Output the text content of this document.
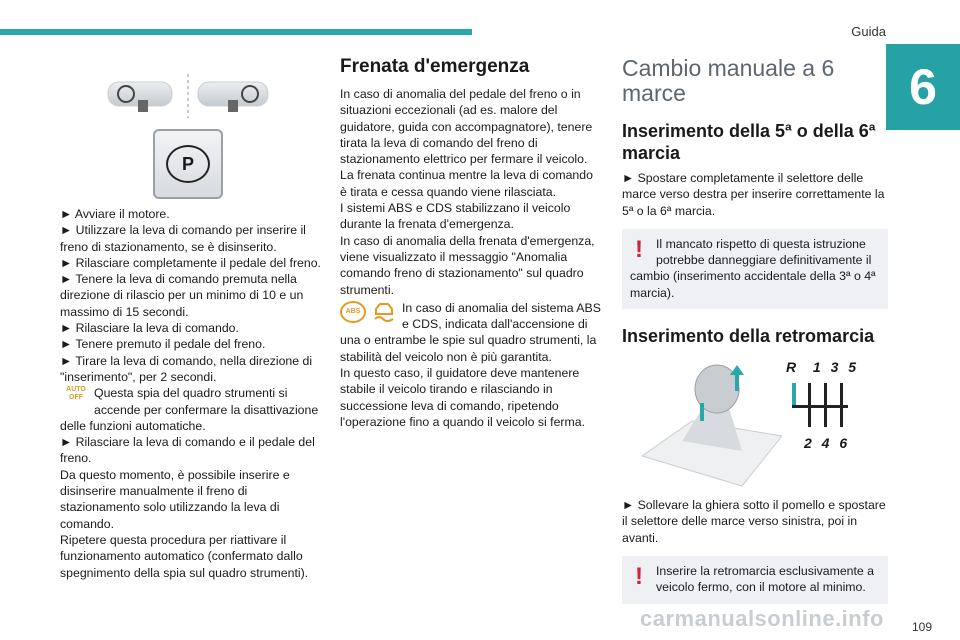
Guida
6
P

► Avviare il motore.

► Utilizzare la leva di comando per inserire il freno di stazionamento, se è disinserito.

► Rilasciare completamente il pedale del freno.

► Tenere la leva di comando premuta nella direzione di rilascio per un minimo di 10 e un massimo di 15 secondi.

► Rilasciare la leva di comando.

► Tenere premuto il pedale del freno.

► Tirare la leva di comando, nella direzione di "inserimento", per 2 secondi.

AUTO OFF Questa spia del quadro strumenti si accende per confermare la disattivazione delle funzioni automatiche.

► Rilasciare la leva di comando e il pedale del freno.

Da questo momento, è possibile inserire e disinserire manualmente il freno di stazionamento solo utilizzando la leva di comando.

Ripetere questa procedura per riattivare il funzionamento automatico (confermato dallo spegnimento della spia sul quadro strumenti).

Frenata d'emergenza

In caso di anomalia del pedale del freno o in situazioni eccezionali (ad es. malore del guidatore, guida con accompagnatore), tenere tirata la leva di comando del freno di stazionamento elettrico per fermare il veicolo.

La frenata continua mentre la leva di comando è tirata e cessa quando viene rilasciata.

I sistemi ABS e CDS stabilizzano il veicolo durante la frenata d'emergenza.

In caso di anomalia della frenata d'emergenza, viene visualizzato il messaggio "Anomalia comando freno di stazionamento" sul quadro strumenti.

ABS	In caso di anomalia del sistema ABS e CDS, indicata dall'accensione di una o entrambe le spie sul quadro strumenti, la stabilità del veicolo non è più garantita.

In questo caso, il guidatore deve mantenere stabile il veicolo tirando e rilasciando in successione leva di comando, ripetendo l'operazione fino a quando il veicolo si ferma.

Cambio manuale a 6 marce
Inserimento della 5ª o della 6ª marcia

► Spostare completamente il selettore delle marce verso destra per inserire correttamente la 5ª o la 6ª marcia.

!	Il mancato rispetto di questa istruzione potrebbe danneggiare definitivamente il cambio (inserimento accidentale della 3ª o 4ª marcia).

Inserimento della retromarcia
R  1 3 5
2 4 6

► Sollevare la ghiera sotto il pomello e spostare il selettore delle marce verso sinistra, poi in avanti.

!	Inserire la retromarcia esclusivamente a veicolo fermo, con il motore al minimo.

carmanualsonline.info 109
